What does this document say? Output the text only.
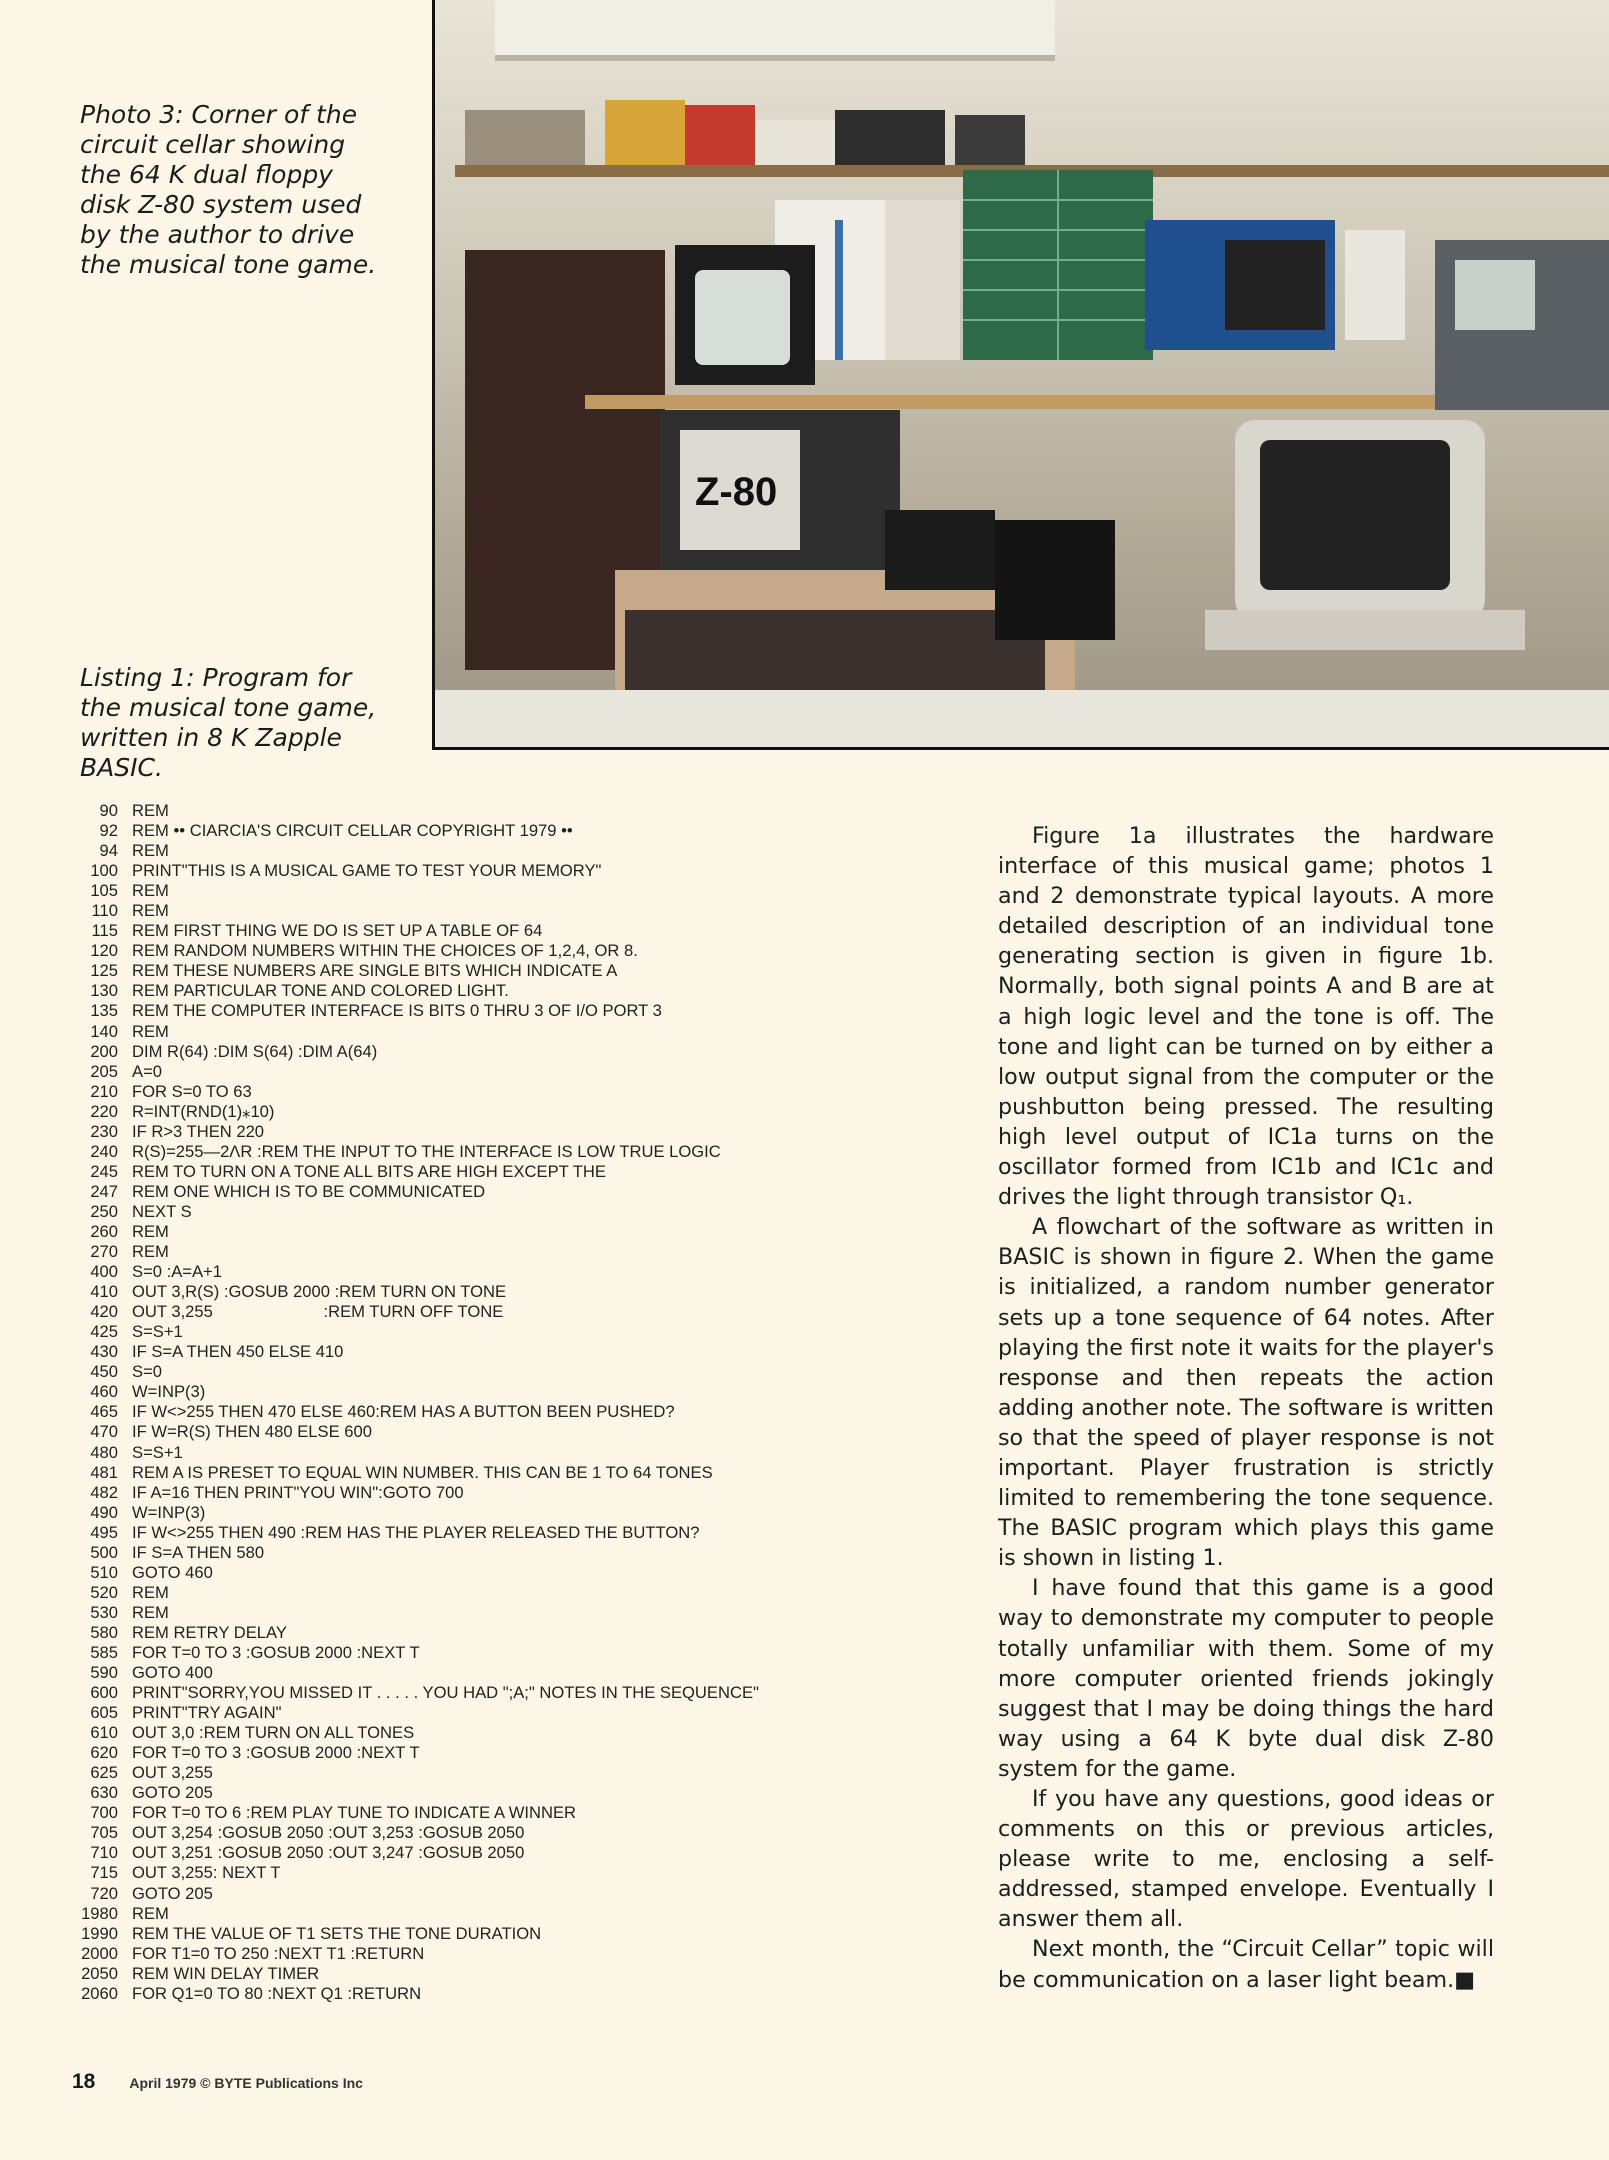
Photo 3: Corner of the circuit cellar showing the 64 K dual floppy disk Z-80 system used by the author to drive the musical tone game.
Listing 1: Program for the musical tone game, written in 8 K Zapple BASIC.
Z-80
90 REM
92 REM •• CIARCIA'S CIRCUIT CELLAR COPYRIGHT 1979 ••
94 REM
100 PRINT"THIS IS A MUSICAL GAME TO TEST YOUR MEMORY"
105 REM
110 REM
115 REM FIRST THING WE DO IS SET UP A TABLE OF 64
120 REM RANDOM NUMBERS WITHIN THE CHOICES OF 1,2,4, OR 8.
125 REM THESE NUMBERS ARE SINGLE BITS WHICH INDICATE A
130 REM PARTICULAR TONE AND COLORED LIGHT.
135 REM THE COMPUTER INTERFACE IS BITS 0 THRU 3 OF I/O PORT 3
140 REM
200 DIM R(64) :DIM S(64) :DIM A(64)
205 A=0
210 FOR S=0 TO 63
220 R=INT(RND(1)⁎10)
230 IF R>3 THEN 220
240 R(S)=255—2ΛR :REM THE INPUT TO THE INTERFACE IS LOW TRUE LOGIC
245 REM TO TURN ON A TONE ALL BITS ARE HIGH EXCEPT THE
247 REM ONE WHICH IS TO BE COMMUNICATED
250 NEXT S
260 REM
270 REM
400 S=0 :A=A+1
410 OUT 3,R(S) :GOSUB 2000 :REM TURN ON TONE
420 OUT 3,255                        :REM TURN OFF TONE
425 S=S+1
430 IF S=A THEN 450 ELSE 410
450 S=0
460 W=INP(3)
465 IF W<>255 THEN 470 ELSE 460:REM HAS A BUTTON BEEN PUSHED?
470 IF W=R(S) THEN 480 ELSE 600
480 S=S+1
481 REM A IS PRESET TO EQUAL WIN NUMBER. THIS CAN BE 1 TO 64 TONES
482 IF A=16 THEN PRINT"YOU WIN":GOTO 700
490 W=INP(3)
495 IF W<>255 THEN 490 :REM HAS THE PLAYER RELEASED THE BUTTON?
500 IF S=A THEN 580
510 GOTO 460
520 REM
530 REM
580 REM RETRY DELAY
585 FOR T=0 TO 3 :GOSUB 2000 :NEXT T
590 GOTO 400
600 PRINT"SORRY,YOU MISSED IT . . . . . YOU HAD ";A;" NOTES IN THE SEQUENCE"
605 PRINT"TRY AGAIN"
610 OUT 3,0 :REM TURN ON ALL TONES
620 FOR T=0 TO 3 :GOSUB 2000 :NEXT T
625 OUT 3,255
630 GOTO 205
700 FOR T=0 TO 6 :REM PLAY TUNE TO INDICATE A WINNER
705 OUT 3,254 :GOSUB 2050 :OUT 3,253 :GOSUB 2050
710 OUT 3,251 :GOSUB 2050 :OUT 3,247 :GOSUB 2050
715 OUT 3,255: NEXT T
720 GOTO 205
1980 REM
1990 REM THE VALUE OF T1 SETS THE TONE DURATION
2000 FOR T1=0 TO 250 :NEXT T1 :RETURN
2050 REM WIN DELAY TIMER
2060 FOR Q1=0 TO 80 :NEXT Q1 :RETURN

Figure 1a illustrates the hardware interface of this musical game; photos 1 and 2 demonstrate typical layouts. A more detailed description of an individual tone generating section is given in figure 1b. Normally, both signal points A and B are at a high logic level and the tone is off. The tone and light can be turned on by either a low output signal from the computer or the pushbutton being pressed. The resulting high level output of IC1a turns on the oscillator formed from IC1b and IC1c and drives the light through transistor Q₁.

A flowchart of the software as written in BASIC is shown in figure 2. When the game is initialized, a random number generator sets up a tone sequence of 64 notes. After playing the first note it waits for the player's response and then repeats the action adding another note. The software is written so that the speed of player response is not important. Player frustration is strictly limited to remembering the tone sequence. The BASIC program which plays this game is shown in listing 1.

I have found that this game is a good way to demonstrate my computer to people totally unfamiliar with them. Some of my more computer oriented friends jokingly suggest that I may be doing things the hard way using a 64 K byte dual disk Z-80 system for the game.

If you have any questions, good ideas or comments on this or previous articles, please write to me, enclosing a self-addressed, stamped envelope. Eventually I answer them all.

Next month, the “Circuit Cellar” topic will be communication on a laser light beam.■

18 April 1979 © BYTE Publications Inc
